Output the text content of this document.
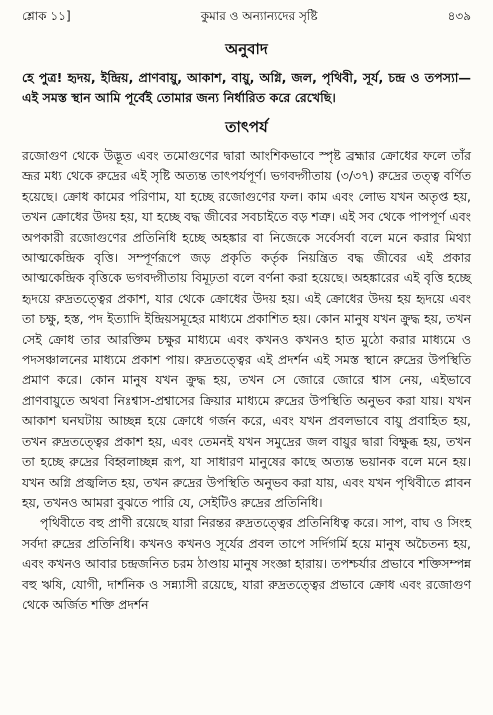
শ্লোক ১১]	কুমার ও অন্যান্যদের সৃষ্টি	৪৩৯
অনুবাদ
হে পুত্র! হৃদয়, ইন্দ্রিয়, প্রাণবায়ু, আকাশ, বায়ু, অগ্নি, জল, পৃথিবী, সূর্য, চন্দ্র ও তপস্যা—এই সমস্ত স্থান আমি পূর্বেই তোমার জন্য নির্ধারিত করে রেখেছি।
তাৎপর্য

রজোগুণ থেকে উদ্ভূত এবং তমোগুণের দ্বারা আংশিকভাবে স্পৃষ্ট ব্রহ্মার ক্রোধের ফলে তাঁর ভ্রূর মধ্য থেকে রুদ্রের এই সৃষ্টি অত্যন্ত তাৎপর্যপূর্ণ। ভগবদ্গীতায় (৩/৩৭) রুদ্রের তত্ত্ব বর্ণিত হয়েছে। ক্রোধ কামের পরিণাম, যা হচ্ছে রজোগুণের ফল। কাম এবং লোভ যখন অতৃপ্ত হয়, তখন ক্রোধের উদয় হয়, যা হচ্ছে বদ্ধ জীবের সবচাইতে বড় শত্রু। এই সব থেকে পাপপূর্ণ এবং অপকারী রজোগুণের প্রতিনিধি হচ্ছে অহঙ্কার বা নিজেকে সর্বেসর্বা বলে মনে করার মিথ্যা আত্মকেন্দ্রিক বৃত্তি। সম্পূর্ণরূপে জড় প্রকৃতি কর্তৃক নিয়ন্ত্রিত বদ্ধ জীবের এই প্রকার আত্মকেন্দ্রিক বৃত্তিকে ভগবদ্গীতায় বিমূঢ়তা বলে বর্ণনা করা হয়েছে। অহঙ্কারের এই বৃত্তি হচ্ছে হৃদয়ে রুদ্রতত্ত্বের প্রকাশ, যার থেকে ক্রোধের উদয় হয়। এই ক্রোধের উদয় হয় হৃদয়ে এবং তা চক্ষু, হস্ত, পদ ইত্যাদি ইন্দ্রিয়সমূহের মাধ্যমে প্রকাশিত হয়। কোন মানুষ যখন ক্রুদ্ধ হয়, তখন সেই ক্রোধ তার আরক্তিম চক্ষুর মাধ্যমে এবং কখনও কখনও হাত মুঠো করার মাধ্যমে ও পদসঞ্চালনের মাধ্যমে প্রকাশ পায়। রুদ্রতত্ত্বের এই প্রদর্শন এই সমস্ত স্থানে রুদ্রের উপস্থিতি প্রমাণ করে। কোন মানুষ যখন ক্রুদ্ধ হয়, তখন সে জোরে জোরে শ্বাস নেয়, এইভাবে প্রাণবায়ুতে অথবা নিঃশ্বাস-প্রশ্বাসের ক্রিয়ার মাধ্যমে রুদ্রের উপস্থিতি অনুভব করা যায়। যখন আকাশ ঘনঘটায় আচ্ছন্ন হয়ে ক্রোধে গর্জন করে, এবং যখন প্রবলভাবে বায়ু প্রবাহিত হয়, তখন রুদ্রতত্ত্বের প্রকাশ হয়, এবং তেমনই যখন সমুদ্রের জল বায়ুর দ্বারা বিক্ষুব্ধ হয়, তখন তা হচ্ছে রুদ্রের বিহ্বলাচ্ছন্ন রূপ, যা সাধারণ মানুষের কাছে অত্যন্ত ভয়ানক বলে মনে হয়। যখন অগ্নি প্রজ্বলিত হয়, তখন রুদ্রের উপস্থিতি অনুভব করা যায়, এবং যখন পৃথিবীতে প্লাবন হয়, তখনও আমরা বুঝতে পারি যে, সেইটিও রুদ্রের প্রতিনিধি।

পৃথিবীতে বহু প্রাণী রয়েছে যারা নিরন্তর রুদ্রতত্ত্বের প্রতিনিধিত্ব করে। সাপ, বাঘ ও সিংহ সর্বদা রুদ্রের প্রতিনিধি। কখনও কখনও সূর্যের প্রবল তাপে সর্দিগর্মি হয়ে মানুষ অচৈতন্য হয়, এবং কখনও আবার চন্দ্রজনিত চরম ঠাণ্ডায় মানুষ সংজ্ঞা হারায়। তপশ্চর্যার প্রভাবে শক্তিসম্পন্ন বহু ঋষি, যোগী, দার্শনিক ও সন্ন্যাসী রয়েছে, যারা রুদ্রতত্ত্বের প্রভাবে ক্রোধ এবং রজোগুণ থেকে অর্জিত শক্তি প্রদর্শন
